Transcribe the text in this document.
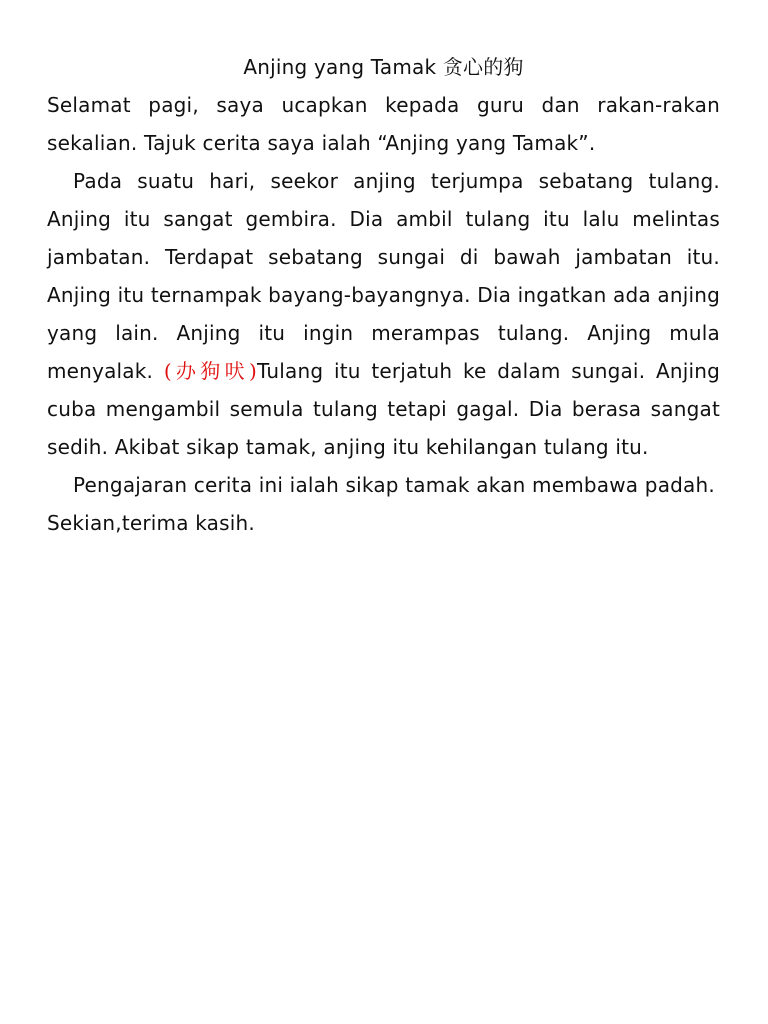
Anjing yang Tamak 贪心的狗

Selamat pagi, saya ucapkan kepada guru dan rakan-rakan sekalian. Tajuk cerita saya ialah “Anjing yang Tamak”.

Pada suatu hari, seekor anjing terjumpa sebatang tulang. Anjing itu sangat gembira. Dia ambil tulang itu lalu melintas jambatan. Terdapat sebatang sungai di bawah jambatan itu. Anjing itu ternampak bayang-bayangnya. Dia ingatkan ada anjing yang lain. Anjing itu ingin merampas tulang. Anjing mula menyalak. (办狗吠)Tulang itu terjatuh ke dalam sungai. Anjing cuba mengambil semula tulang tetapi gagal. Dia berasa sangat sedih. Akibat sikap tamak, anjing itu kehilangan tulang itu.

Pengajaran cerita ini ialah sikap tamak akan membawa padah.

Sekian,terima kasih.
